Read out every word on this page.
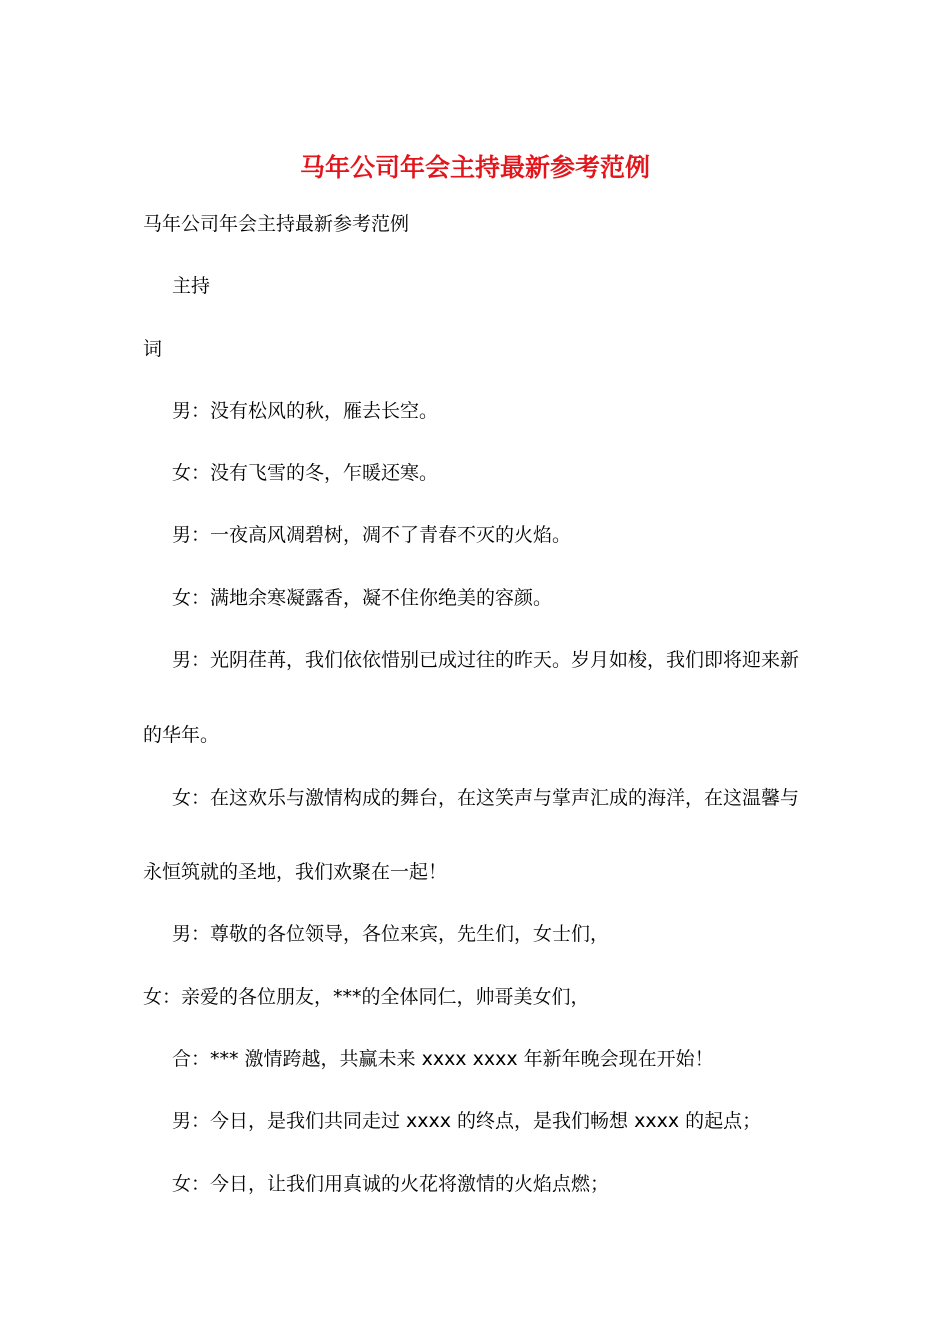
马年公司年会主持最新参考范例
马年公司年会主持最新参考范例
主持
词
男：没有松风的秋，雁去长空。
女：没有飞雪的冬，乍暖还寒。
男：一夜高风凋碧树，凋不了青春不灭的火焰。
女：满地余寒凝露香，凝不住你绝美的容颜。
男：光阴荏苒，我们依依惜别已成过往的昨天。岁月如梭，我们即将迎来新
的华年。
女：在这欢乐与激情构成的舞台，在这笑声与掌声汇成的海洋，在这温馨与
永恒筑就的圣地，我们欢聚在一起！
男：尊敬的各位领导，各位来宾，先生们，女士们，
女：亲爱的各位朋友，***的全体同仁，帅哥美女们，
合：*** 激情跨越，共赢未来 xxxx xxxx 年新年晚会现在开始！
男：今日，是我们共同走过 xxxx 的终点，是我们畅想 xxxx 的起点；
女：今日，让我们用真诚的火花将激情的火焰点燃；
